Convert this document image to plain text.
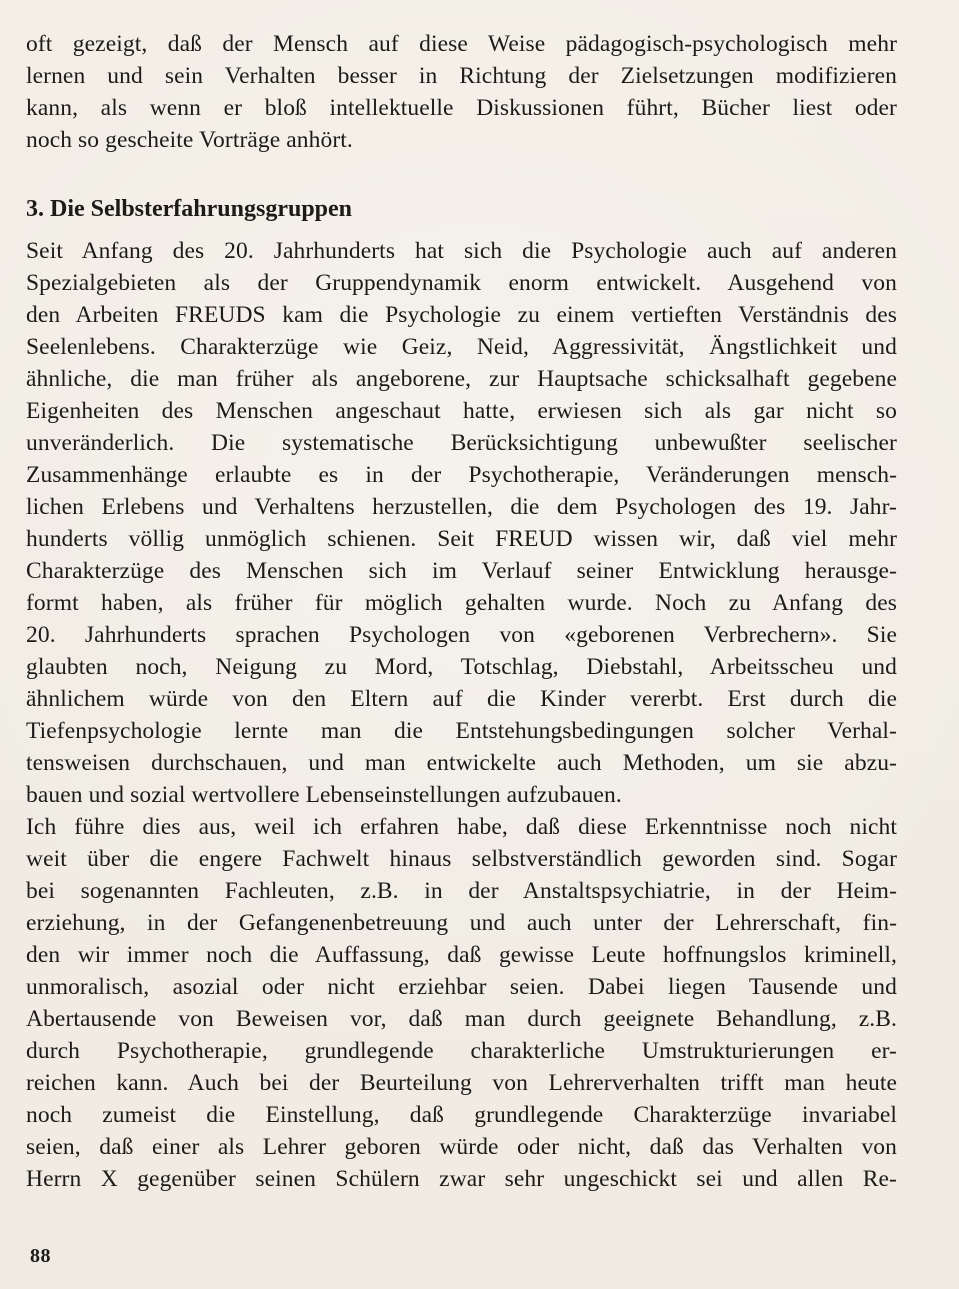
oft gezeigt, daß der Mensch auf diese Weise pädagogisch-psychologisch mehr
lernen und sein Verhalten besser in Richtung der Zielsetzungen modifizieren
kann, als wenn er bloß intellektuelle Diskussionen führt, Bücher liest oder
noch so gescheite Vorträge anhört.
3. Die Selbsterfahrungsgruppen
Seit Anfang des 20. Jahrhunderts hat sich die Psychologie auch auf anderen
Spezialgebieten als der Gruppendynamik enorm entwickelt. Ausgehend von
den Arbeiten FREUDS kam die Psychologie zu einem vertieften Verständnis des
Seelenlebens. Charakterzüge wie Geiz, Neid, Aggressivität, Ängstlichkeit und
ähnliche, die man früher als angeborene, zur Hauptsache schicksalhaft gegebene
Eigenheiten des Menschen angeschaut hatte, erwiesen sich als gar nicht so
unveränderlich. Die systematische Berücksichtigung unbewußter seelischer
Zusammenhänge erlaubte es in der Psychotherapie, Veränderungen mensch-
lichen Erlebens und Verhaltens herzustellen, die dem Psychologen des 19. Jahr-
hunderts völlig unmöglich schienen. Seit FREUD wissen wir, daß viel mehr
Charakterzüge des Menschen sich im Verlauf seiner Entwicklung herausge-
formt haben, als früher für möglich gehalten wurde. Noch zu Anfang des
20. Jahrhunderts sprachen Psychologen von «geborenen Verbrechern». Sie
glaubten noch, Neigung zu Mord, Totschlag, Diebstahl, Arbeitsscheu und
ähnlichem würde von den Eltern auf die Kinder vererbt. Erst durch die
Tiefenpsychologie lernte man die Entstehungsbedingungen solcher Verhal-
tensweisen durchschauen, und man entwickelte auch Methoden, um sie abzu-
bauen und sozial wertvollere Lebenseinstellungen aufzubauen.
Ich führe dies aus, weil ich erfahren habe, daß diese Erkenntnisse noch nicht
weit über die engere Fachwelt hinaus selbstverständlich geworden sind. Sogar
bei sogenannten Fachleuten, z.B. in der Anstaltspsychiatrie, in der Heim-
erziehung, in der Gefangenenbetreuung und auch unter der Lehrerschaft, fin-
den wir immer noch die Auffassung, daß gewisse Leute hoffnungslos kriminell,
unmoralisch, asozial oder nicht erziehbar seien. Dabei liegen Tausende und
Abertausende von Beweisen vor, daß man durch geeignete Behandlung, z.B.
durch Psychotherapie, grundlegende charakterliche Umstrukturierungen er-
reichen kann. Auch bei der Beurteilung von Lehrerverhalten trifft man heute
noch zumeist die Einstellung, daß grundlegende Charakterzüge invariabel
seien, daß einer als Lehrer geboren würde oder nicht, daß das Verhalten von
Herrn X gegenüber seinen Schülern zwar sehr ungeschickt sei und allen Re-
88
